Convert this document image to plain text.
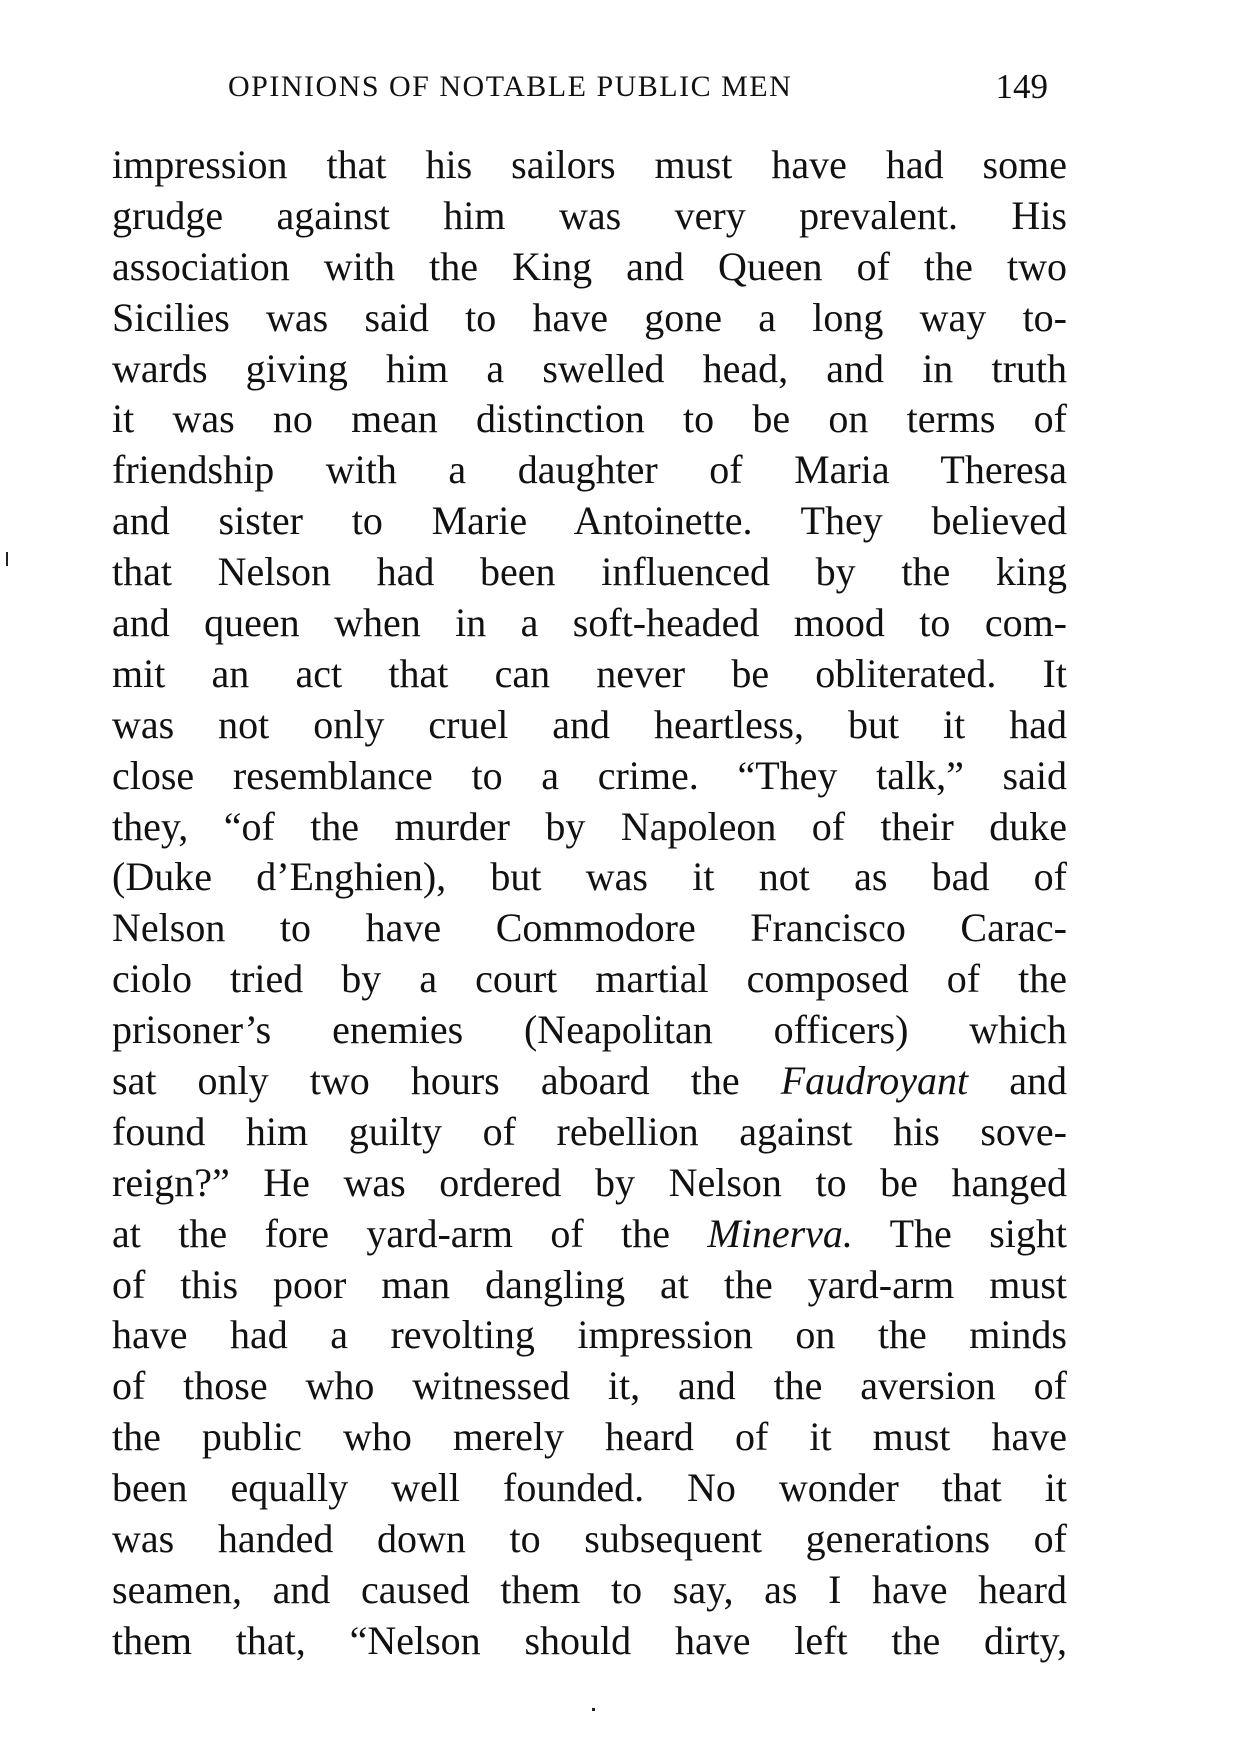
OPINIONS OF NOTABLE PUBLIC MEN	149
impression that his sailors must have had some
grudge against him was very prevalent. His
association with the King and Queen of the two
Sicilies was said to have gone a long way to-
wards giving him a swelled head, and in truth
it was no mean distinction to be on terms of
friendship with a daughter of Maria Theresa
and sister to Marie Antoinette. They believed
that Nelson had been influenced by the king
and queen when in a soft-headed mood to com-
mit an act that can never be obliterated. It
was not only cruel and heartless, but it had
close resemblance to a crime. “They talk,” said
they, “of the murder by Napoleon of their duke
(Duke d’Enghien), but was it not as bad of
Nelson to have Commodore Francisco Carac-
ciolo tried by a court martial composed of the
prisoner’s enemies (Neapolitan officers) which
sat only two hours aboard the Faudroyant and
found him guilty of rebellion against his sove-
reign?” He was ordered by Nelson to be hanged
at the fore yard-arm of the Minerva. The sight
of this poor man dangling at the yard-arm must
have had a revolting impression on the minds
of those who witnessed it, and the aversion of
the public who merely heard of it must have
been equally well founded. No wonder that it
was handed down to subsequent generations of
seamen, and caused them to say, as I have heard
them that, “Nelson should have left the dirty,
